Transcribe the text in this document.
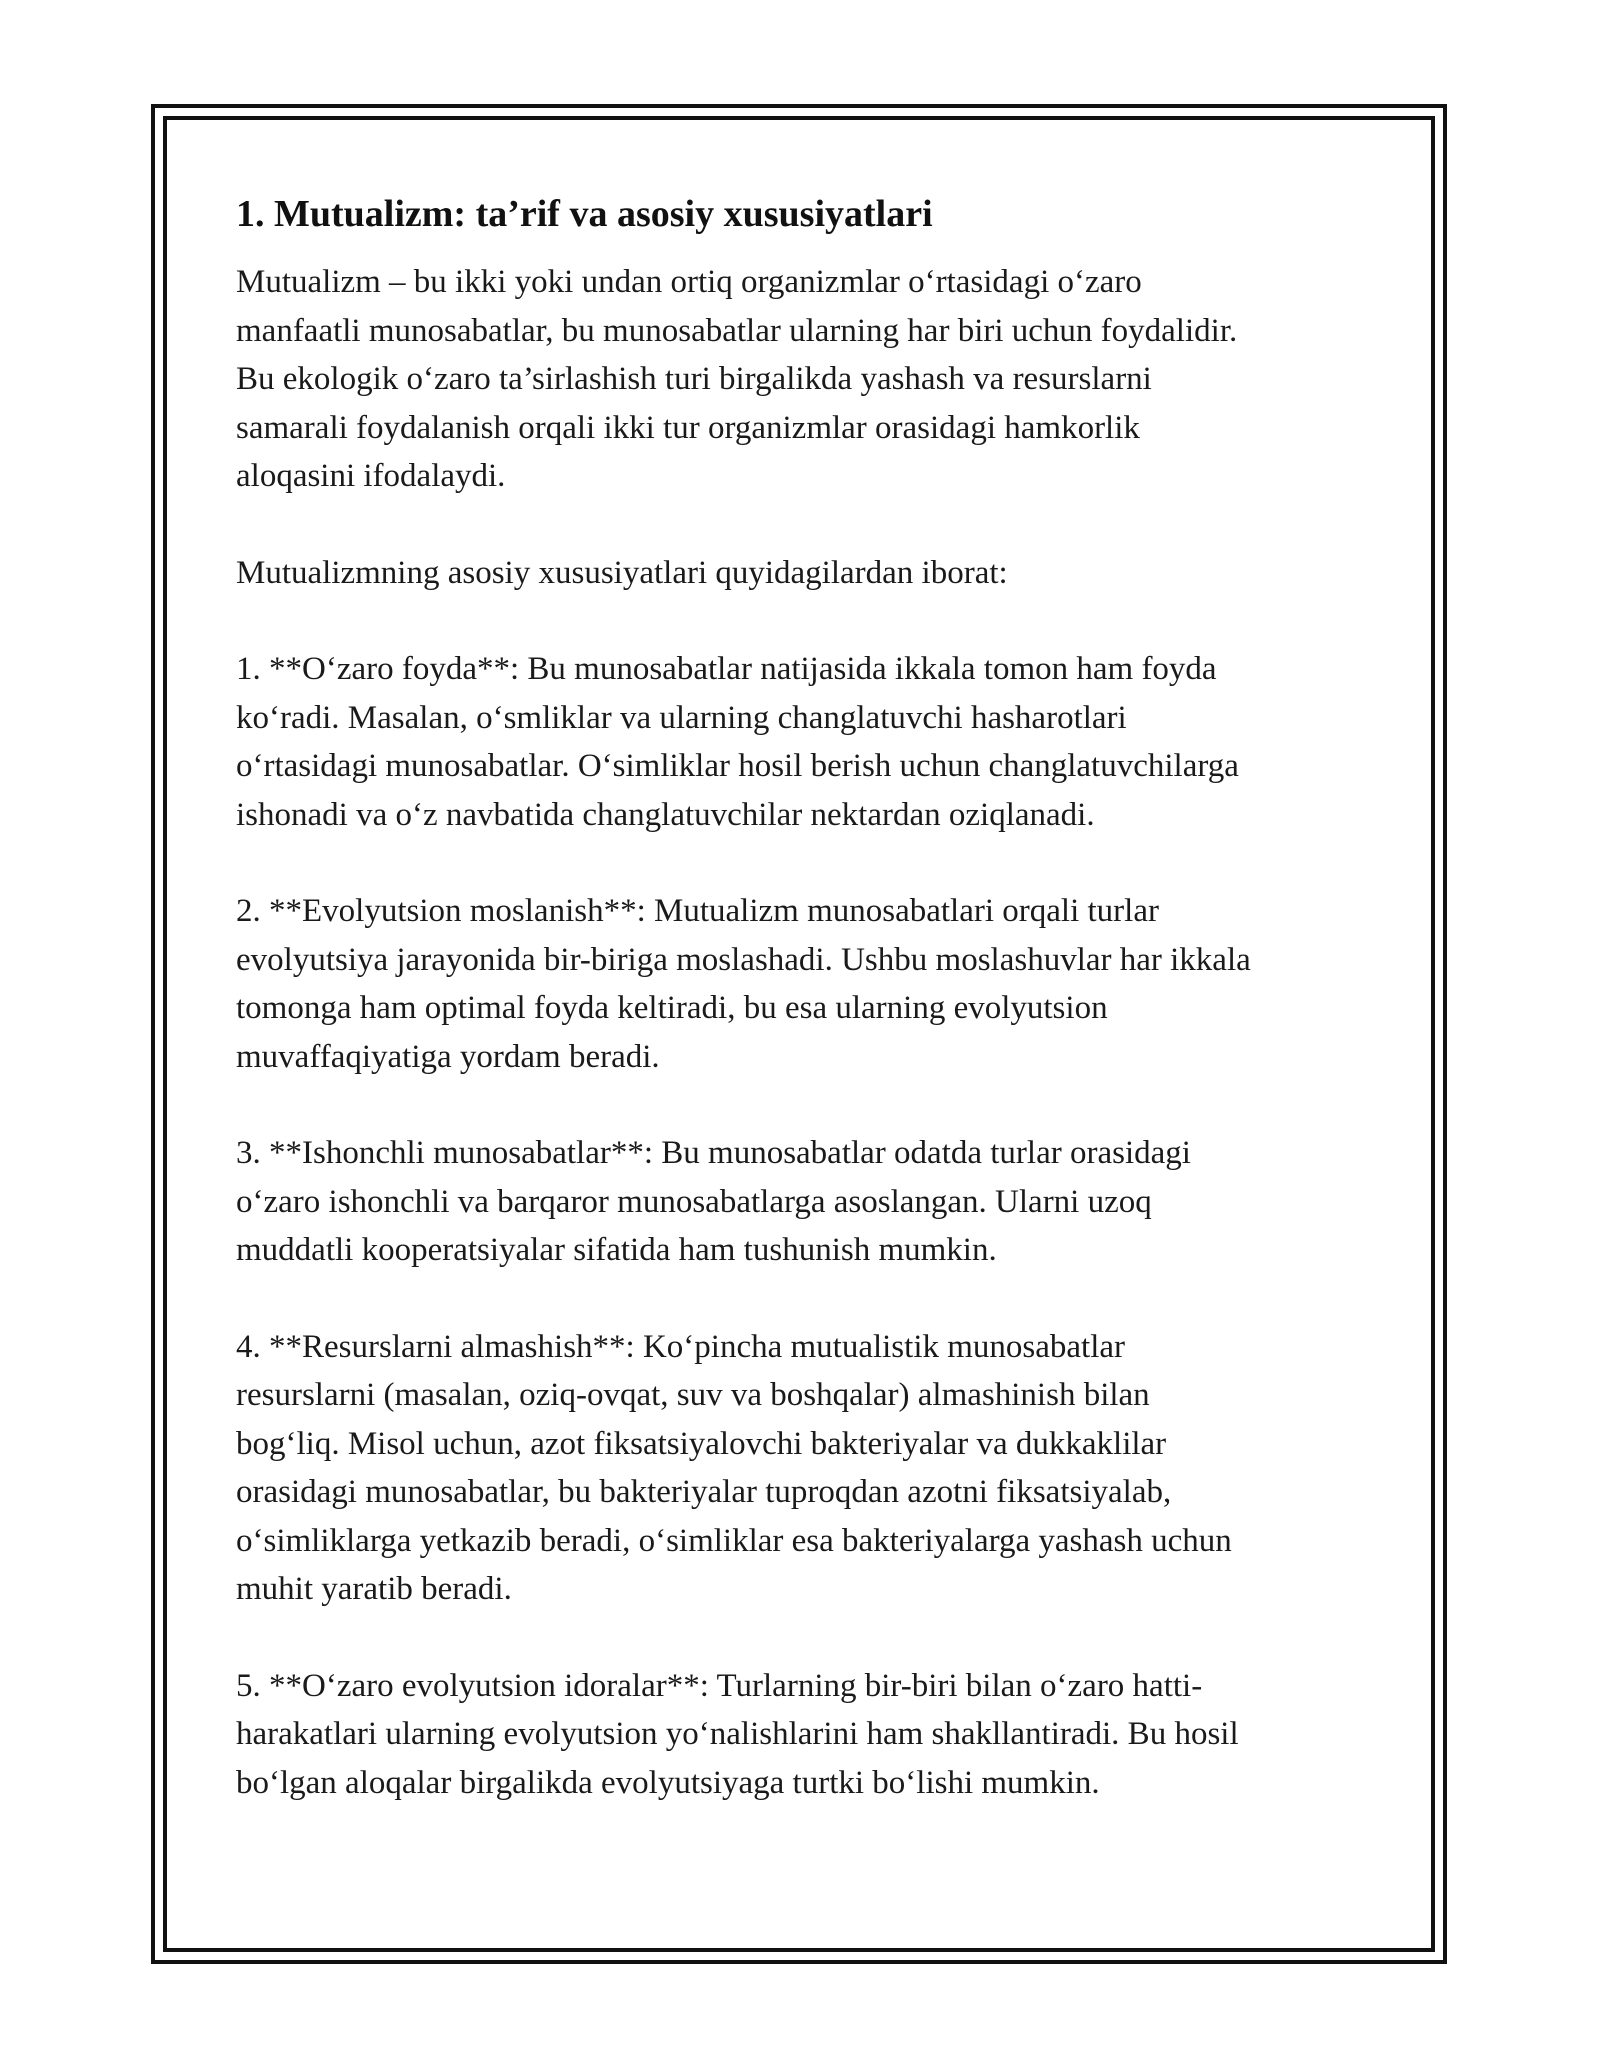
1. Mutualizm: ta’rif va asosiy xususiyatlari

Mutualizm – bu ikki yoki undan ortiq organizmlar oʻrtasidagi oʻzaro
manfaatli munosabatlar, bu munosabatlar ularning har biri uchun foydalidir.
Bu ekologik oʻzaro ta’sirlashish turi birgalikda yashash va resurslarni
samarali foydalanish orqali ikki tur organizmlar orasidagi hamkorlik
aloqasini ifodalaydi.

Mutualizmning asosiy xususiyatlari quyidagilardan iborat:

1. **Oʻzaro foyda**: Bu munosabatlar natijasida ikkala tomon ham foyda
koʻradi. Masalan, oʻsmliklar va ularning changlatuvchi hasharotlari
oʻrtasidagi munosabatlar. Oʻsimliklar hosil berish uchun changlatuvchilarga
ishonadi va oʻz navbatida changlatuvchilar nektardan oziqlanadi.

2. **Evolyutsion moslanish**: Mutualizm munosabatlari orqali turlar
evolyutsiya jarayonida bir-biriga moslashadi. Ushbu moslashuvlar har ikkala
tomonga ham optimal foyda keltiradi, bu esa ularning evolyutsion
muvaffaqiyatiga yordam beradi.

3. **Ishonchli munosabatlar**: Bu munosabatlar odatda turlar orasidagi
oʻzaro ishonchli va barqaror munosabatlarga asoslangan. Ularni uzoq
muddatli kooperatsiyalar sifatida ham tushunish mumkin.

4. **Resurslarni almashish**: Koʻpincha mutualistik munosabatlar
resurslarni (masalan, oziq-ovqat, suv va boshqalar) almashinish bilan
bogʻliq. Misol uchun, azot fiksatsiyalovchi bakteriyalar va dukkaklilar
orasidagi munosabatlar, bu bakteriyalar tuproqdan azotni fiksatsiyalab,
oʻsimliklarga yetkazib beradi, oʻsimliklar esa bakteriyalarga yashash uchun
muhit yaratib beradi.

5. **Oʻzaro evolyutsion idoralar**: Turlarning bir-biri bilan oʻzaro hatti-
harakatlari ularning evolyutsion yoʻnalishlarini ham shakllantiradi. Bu hosil
boʻlgan aloqalar birgalikda evolyutsiyaga turtki boʻlishi mumkin.
